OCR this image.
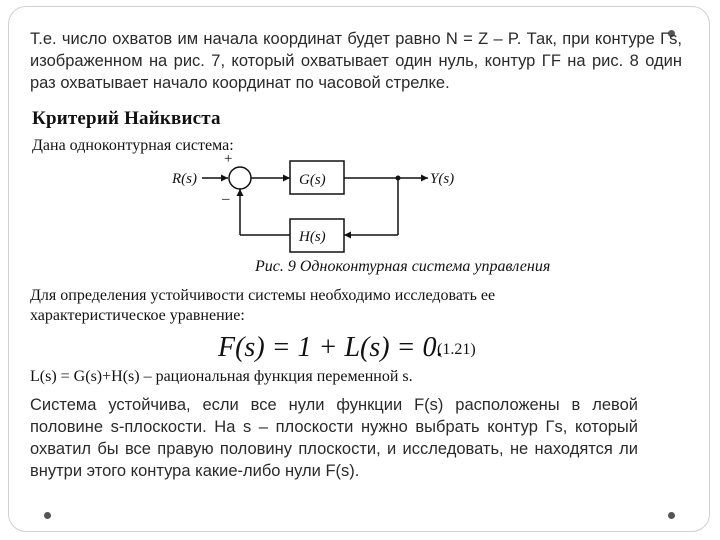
Т.е. число охватов им начала координат будет равно N = Z – P. Так, при контуре Γs, изображенном на рис. 7, который охватывает один нуль, контур ΓF на рис. 8 один раз охватывает начало координат по часовой стрелке.
Критерий Найквиста
Дана одноконтурная система:
R(s)
+
–
G(s)
H(s)
Y(s)
Рис. 9 Одноконтурная система управления
Для определения устойчивости системы необходимо исследовать ее характеристическое уравнение:
F(s) = 1 + L(s) = 0.
(1.21)
L(s) = G(s)+H(s) – рациональная функция переменной s.
Система устойчива, если все нули функции F(s) расположены в левой половине s-плоскости. На s – плоскости нужно выбрать контур Γs, который охватил бы все правую половину плоскости, и исследовать, не находятся ли внутри этого контура какие-либо нули F(s).
